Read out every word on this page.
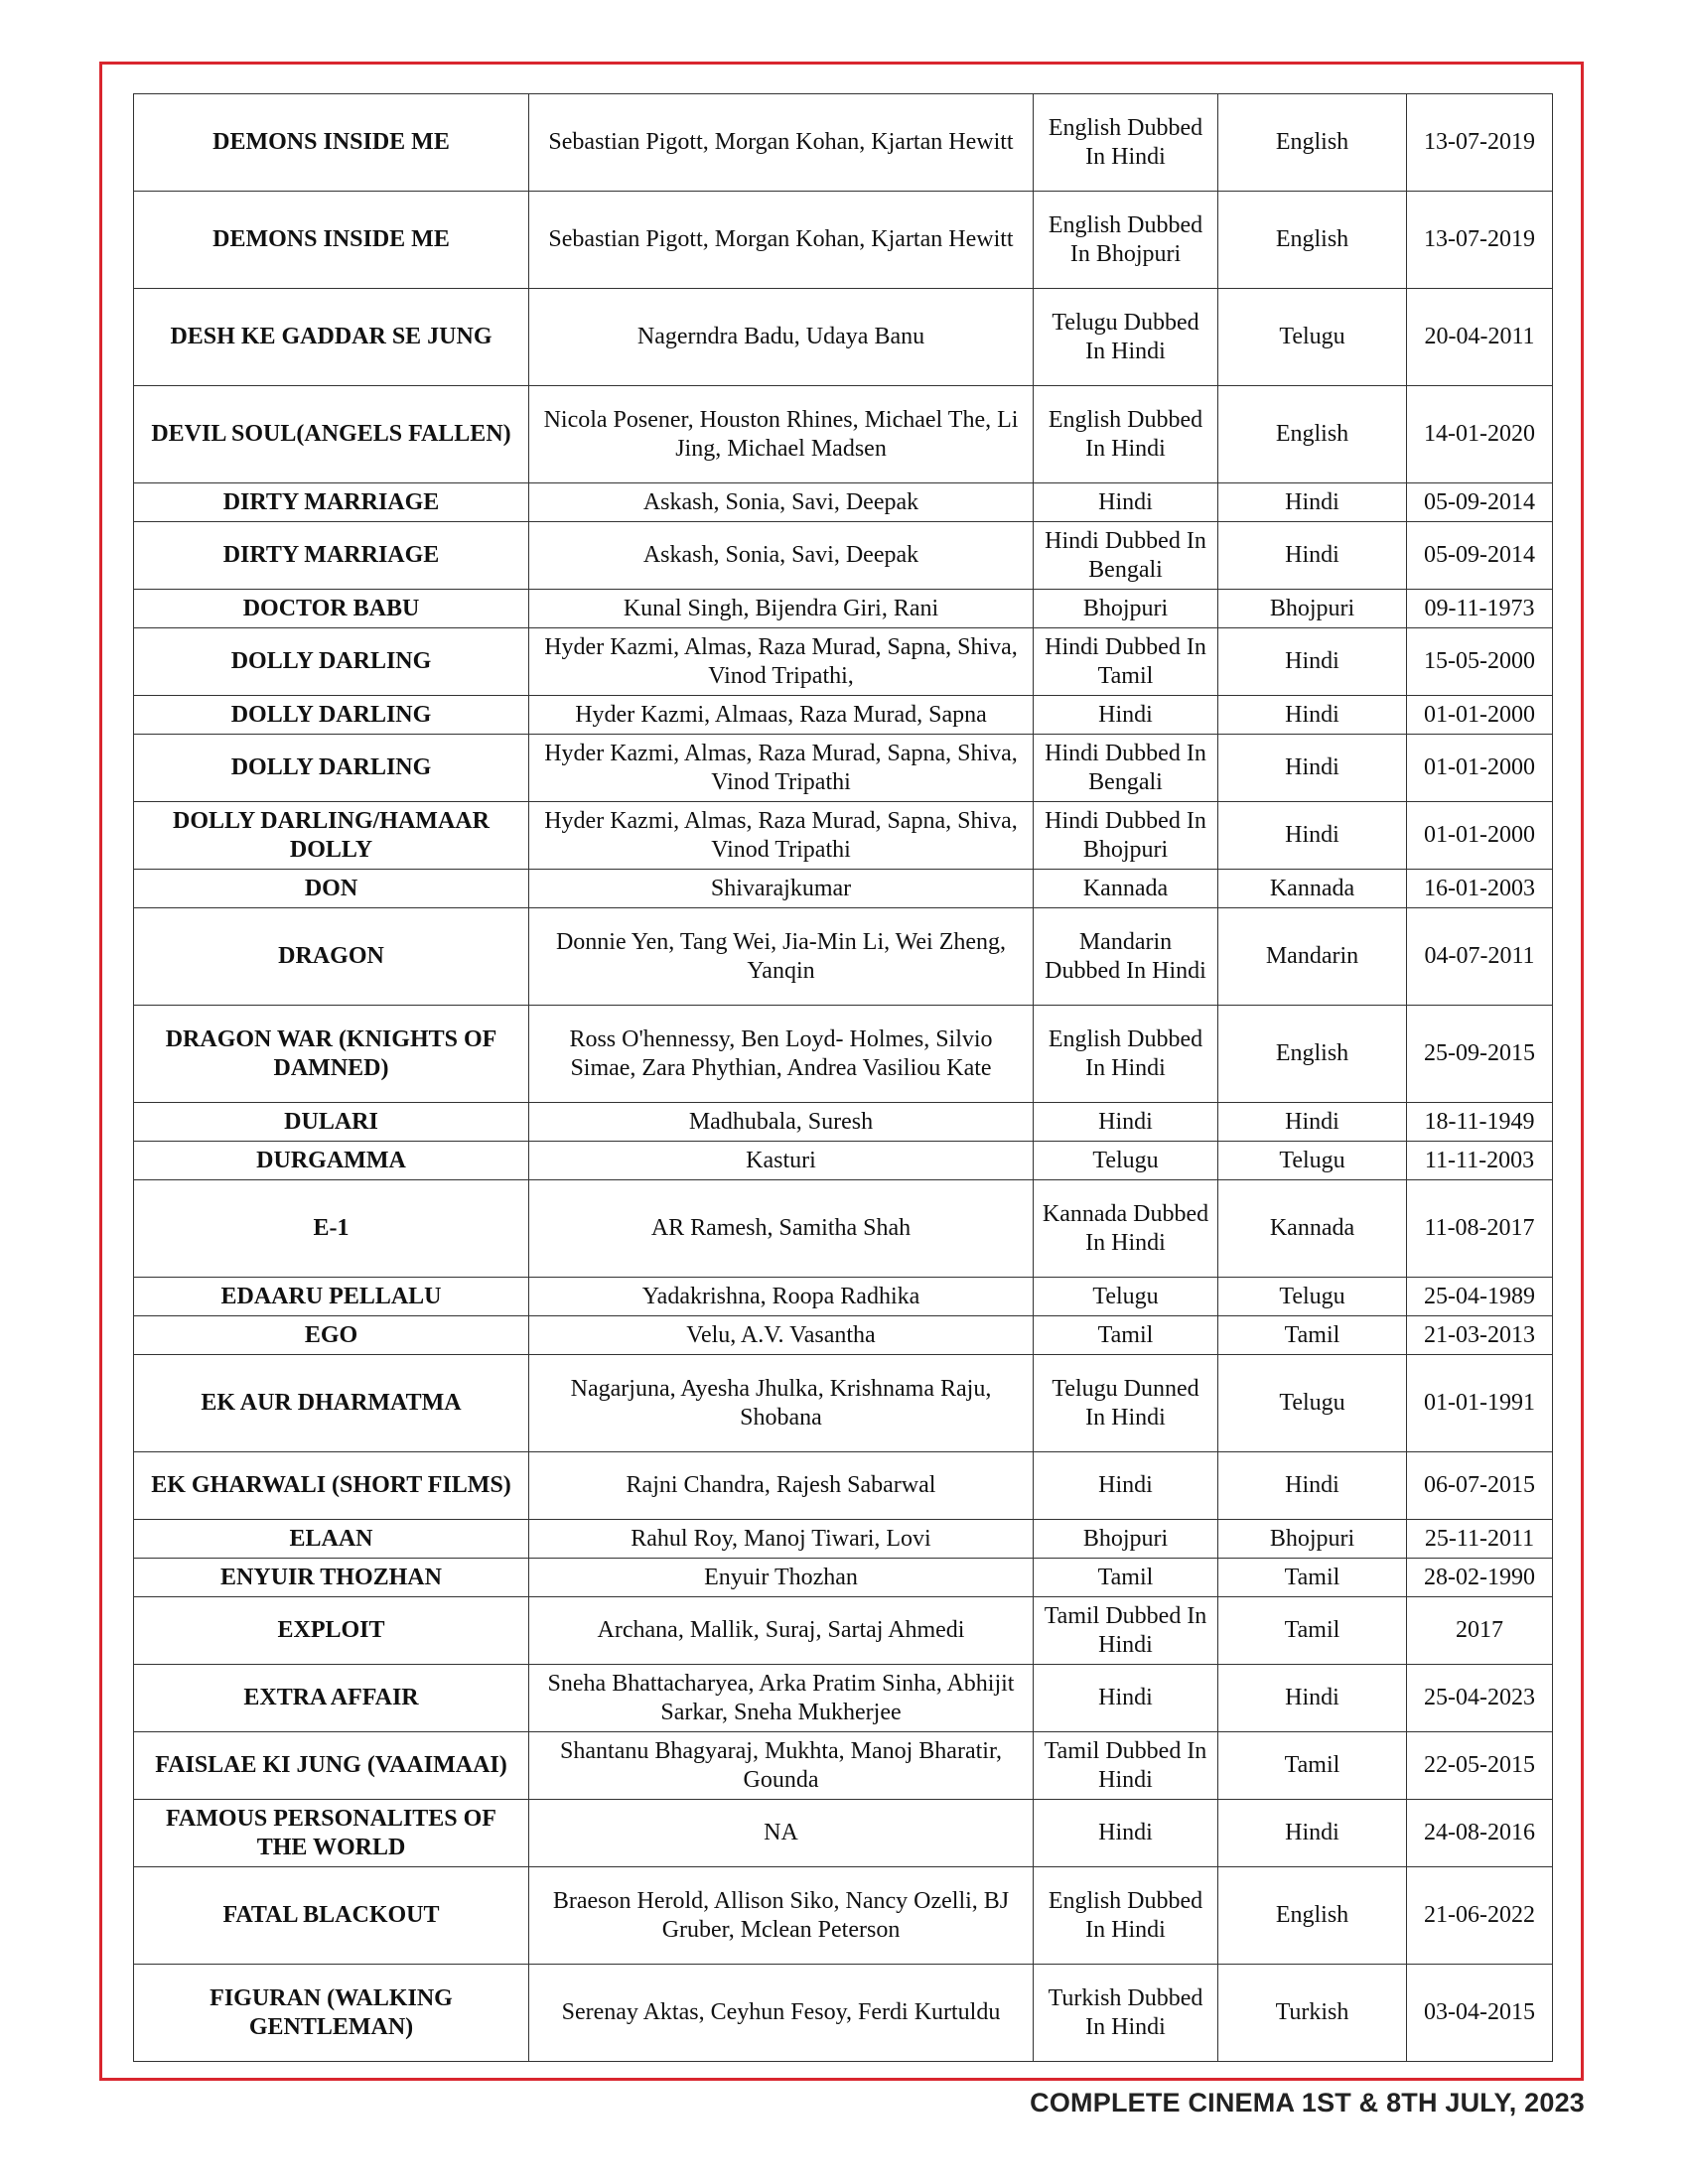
DEMONS INSIDE ME	Sebastian Pigott, Morgan Kohan, Kjartan Hewitt	English Dubbed In Hindi	English	13-07-2019
DEMONS INSIDE ME	Sebastian Pigott, Morgan Kohan, Kjartan Hewitt	English Dubbed In Bhojpuri	English	13-07-2019
DESH KE GADDAR SE JUNG	Nagerndra Badu, Udaya Banu	Telugu Dubbed In Hindi	Telugu	20-04-2011
DEVIL SOUL(ANGELS FALLEN)	Nicola Posener, Houston Rhines, Michael The, Li Jing, Michael Madsen	English Dubbed In Hindi	English	14-01-2020
DIRTY MARRIAGE	Askash, Sonia, Savi, Deepak	Hindi	Hindi	05-09-2014
DIRTY MARRIAGE	Askash, Sonia, Savi, Deepak	Hindi Dubbed In Bengali	Hindi	05-09-2014
DOCTOR BABU	Kunal Singh, Bijendra Giri, Rani	Bhojpuri	Bhojpuri	09-11-1973
DOLLY DARLING	Hyder Kazmi, Almas, Raza Murad, Sapna, Shiva, Vinod Tripathi,	Hindi Dubbed In Tamil	Hindi	15-05-2000
DOLLY DARLING	Hyder Kazmi, Almaas, Raza Murad, Sapna	Hindi	Hindi	01-01-2000
DOLLY DARLING	Hyder Kazmi, Almas, Raza Murad, Sapna, Shiva, Vinod Tripathi	Hindi Dubbed In Bengali	Hindi	01-01-2000
DOLLY DARLING/HAMAAR DOLLY	Hyder Kazmi, Almas, Raza Murad, Sapna, Shiva, Vinod Tripathi	Hindi Dubbed In Bhojpuri	Hindi	01-01-2000
DON	Shivarajkumar	Kannada	Kannada	16-01-2003
DRAGON	Donnie Yen, Tang Wei, Jia-Min Li, Wei Zheng, Yanqin	Mandarin Dubbed In Hindi	Mandarin	04-07-2011
DRAGON WAR (KNIGHTS OF DAMNED)	Ross O'hennessy, Ben Loyd- Holmes, Silvio Simae, Zara Phythian, Andrea Vasiliou Kate	English Dubbed In Hindi	English	25-09-2015
DULARI	Madhubala, Suresh	Hindi	Hindi	18-11-1949
DURGAMMA	Kasturi	Telugu	Telugu	11-11-2003
E-1	AR Ramesh, Samitha Shah	Kannada Dubbed In Hindi	Kannada	11-08-2017
EDAARU PELLALU	Yadakrishna, Roopa Radhika	Telugu	Telugu	25-04-1989
EGO	Velu, A.V. Vasantha	Tamil	Tamil	21-03-2013
EK AUR DHARMATMA	Nagarjuna, Ayesha Jhulka, Krishnama Raju, Shobana	Telugu Dunned In Hindi	Telugu	01-01-1991
EK GHARWALI (SHORT FILMS)	Rajni Chandra, Rajesh Sabarwal	Hindi	Hindi	06-07-2015
ELAAN	Rahul Roy, Manoj Tiwari, Lovi	Bhojpuri	Bhojpuri	25-11-2011
ENYUIR THOZHAN	Enyuir Thozhan	Tamil	Tamil	28-02-1990
EXPLOIT	Archana, Mallik, Suraj, Sartaj Ahmedi	Tamil Dubbed In Hindi	Tamil	2017
EXTRA AFFAIR	Sneha Bhattacharyea, Arka Pratim Sinha, Abhijit Sarkar, Sneha Mukherjee	Hindi	Hindi	25-04-2023
FAISLAE KI JUNG (VAAIMAAI)	Shantanu Bhagyaraj, Mukhta, Manoj Bharatir, Gounda	Tamil Dubbed In Hindi	Tamil	22-05-2015
FAMOUS PERSONALITES OF THE WORLD	NA	Hindi	Hindi	24-08-2016
FATAL BLACKOUT	Braeson Herold, Allison Siko, Nancy Ozelli, BJ Gruber, Mclean Peterson	English Dubbed In Hindi	English	21-06-2022
FIGURAN (WALKING GENTLEMAN)	Serenay Aktas, Ceyhun Fesoy, Ferdi Kurtuldu	Turkish Dubbed In Hindi	Turkish	03-04-2015
COMPLETE CINEMA 1ST & 8TH JULY, 2023
